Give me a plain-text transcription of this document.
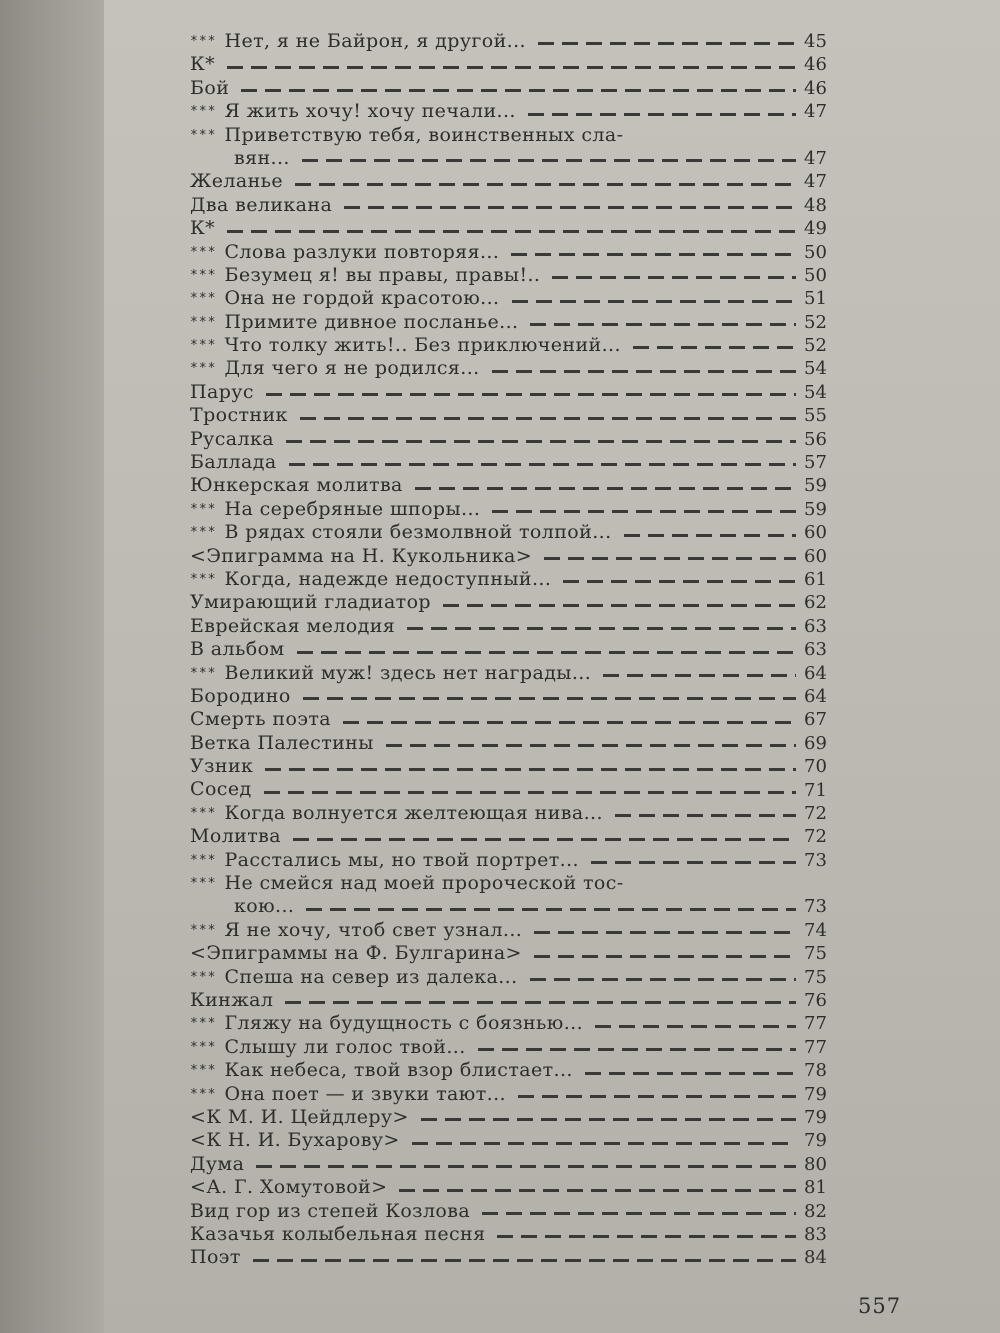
*** Нет, я не Байрон, я другой...	45
К*	46
Бой	46
*** Я жить хочу! хочу печали...	47
*** Приветствую тебя, воинственных сла-
вян...	47
Желанье	47
Два великана	48
К*	49
*** Слова разлуки повторяя...	50
*** Безумец я! вы правы, правы!..	50
*** Она не гордой красотою...	51
*** Примите дивное посланье...	52
*** Что толку жить!.. Без приключений...	52
*** Для чего я не родился...	54
Парус	54
Тростник	55
Русалка	56
Баллада	57
Юнкерская молитва	59
*** На серебряные шпоры...	59
*** В рядах стояли безмолвной толпой...	60
<Эпиграмма на Н. Кукольника>	60
*** Когда, надежде недоступный...	61
Умирающий гладиатор	62
Еврейская мелодия	63
В альбом	63
*** Великий муж! здесь нет награды...	64
Бородино	64
Смерть поэта	67
Ветка Палестины	69
Узник	70
Сосед	71
*** Когда волнуется желтеющая нива...	72
Молитва	72
*** Расстались мы, но твой портрет...	73
*** Не смейся над моей пророческой тос-
кою...	73
*** Я не хочу, чтоб свет узнал...	74
<Эпиграммы на Ф. Булгарина>	75
*** Спеша на север из далека...	75
Кинжал	76
*** Гляжу на будущность с боязнью...	77
*** Слышу ли голос твой...	77
*** Как небеса, твой взор блистает...	78
*** Она поет — и звуки тают...	79
<К М. И. Цейдлеру>	79
<К Н. И. Бухарову>	79
Дума	80
<А. Г. Хомутовой>	81
Вид гор из степей Козлова	82
Казачья колыбельная песня	83
Поэт	84
557
